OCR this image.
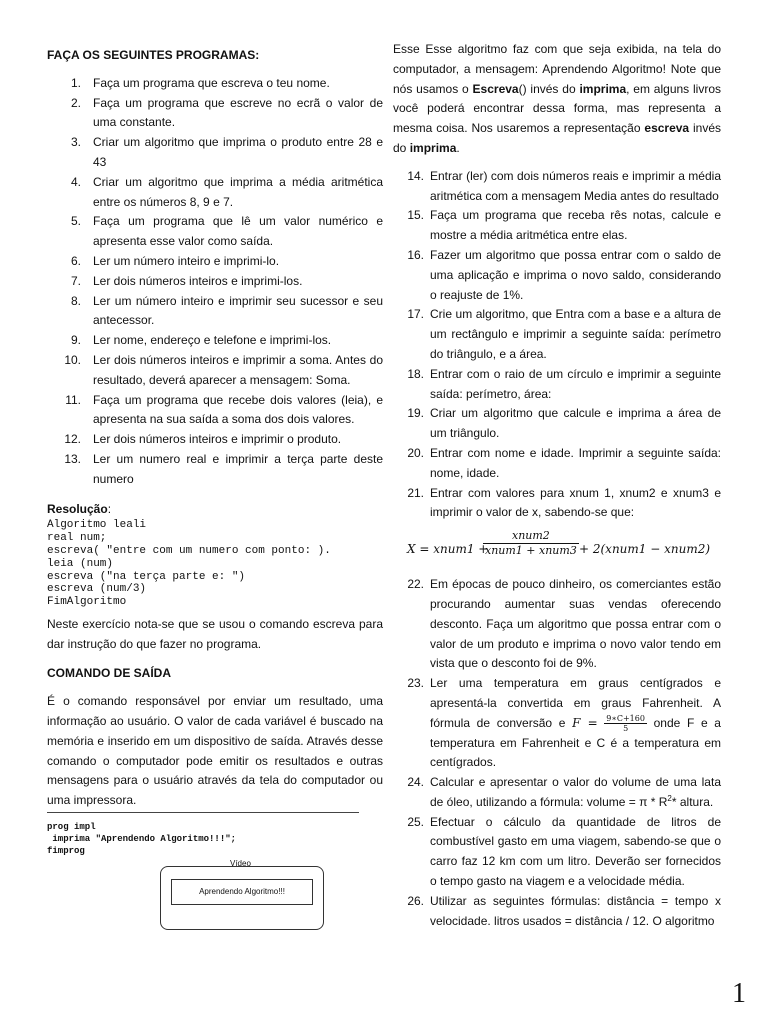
FAÇA OS SEGUINTES PROGRAMAS:
1. Faça um programa que escreva o teu nome.
2. Faça um programa que escreve no ecrã o valor de uma constante.
3. Criar um algoritmo que imprima o produto entre 28 e 43
4. Criar um algoritmo que imprima a média aritmética entre os números 8, 9 e 7.
5. Faça um programa que lê um valor numérico e apresenta esse valor como saída.
6. Ler um número inteiro e imprimi-lo.
7. Ler dois números inteiros e imprimi-los.
8. Ler um número inteiro e imprimir seu sucessor e seu antecessor.
9. Ler nome, endereço e telefone e imprimi-los.
10. Ler dois números inteiros e imprimir a soma. Antes do resultado, deverá aparecer a mensagem: Soma.
11. Faça um programa que recebe dois valores (leia), e apresenta na sua saída a soma dos dois valores.
12. Ler dois números inteiros e imprimir o produto.
13. Ler um numero real e imprimir a terça parte deste numero
Resolução:
Algoritmo leali
real num;
escreva( "entre com um numero com ponto: ).
leia (num)
escreva ("na terça parte e: ")
escreva (num/3)
FimAlgoritmo

Neste exercício nota-se que se usou o comando escreva para dar instrução do que fazer no programa.

COMANDO DE SAÍDA

É o comando responsável por enviar um resultado, uma informação ao usuário. O valor de cada variável é buscado na memória e inserido em um dispositivo de saída. Através desse comando o computador pode emitir os resultados e outras mensagens para o usuário através da tela do computador ou uma impressora.

prog impl
imprima "Aprendendo Algoritmo!!!";
fimprog
Vídeo
Aprendendo Algoritmo!!!

Esse Esse algoritmo faz com que seja exibida, na tela do computador, a mensagem: Aprendendo Algoritmo! Note que nós usamos o Escreva() invés do imprima, em alguns livros você poderá encontrar dessa forma, mas representa a mesma coisa. Nos usaremos a representação escreva invés do imprima.

14. Entrar (ler) com dois números reais e imprimir a média aritmética com a mensagem Media antes do resultado
15. Faça um programa que receba rês notas, calcule e mostre a média aritmética entre elas.
16. Fazer um algoritmo que possa entrar com o saldo de uma aplicação e imprima o novo saldo, considerando o reajuste de 1%.
17. Crie um algoritmo, que Entra com a base e a altura de um rectângulo e imprimir a seguinte saída: perímetro do triângulo, e a área.
18. Entrar com o raio de um círculo e imprimir a seguinte saída: perímetro, área:
19. Criar um algoritmo que calcule e imprima a área de um triângulo.
20. Entrar com nome e idade. Imprimir a seguinte saída: nome, idade.
21. Entrar com valores para xnum 1, xnum2 e xnum3 e imprimir o valor de x, sabendo-se que:
X = xnum1 +
xnum2
xnum1 + xnum3 + 2(xnum1 − xnum2)
22. Em épocas de pouco dinheiro, os comerciantes estão procurando aumentar suas vendas oferecendo desconto. Faça um algoritmo que possa entrar com o valor de um produto e imprima o novo valor tendo em vista que o desconto foi de 9%.
23. Ler uma temperatura em graus centígrados e apresentá-la convertida em graus Fahrenheit. A fórmula de conversão e $F = \frac{9∗C+160}{5}$ onde F e a temperatura em Fahrenheit e C é a temperatura em centígrados.
24. Calcular e apresentar o valor do volume de uma lata de óleo, utilizando a fórmula: volume = π * $R^2*$ altura.
25. Efectuar o cálculo da quantidade de litros de combustível gasto em uma viagem, sabendo-se que o carro faz 12 km com um litro. Deverão ser fornecidos o tempo gasto na viagem e a velocidade média.
26. Utilizar as seguintes fórmulas: distância = tempo x velocidade. litros usados = distância / 12. O algoritmo
1
